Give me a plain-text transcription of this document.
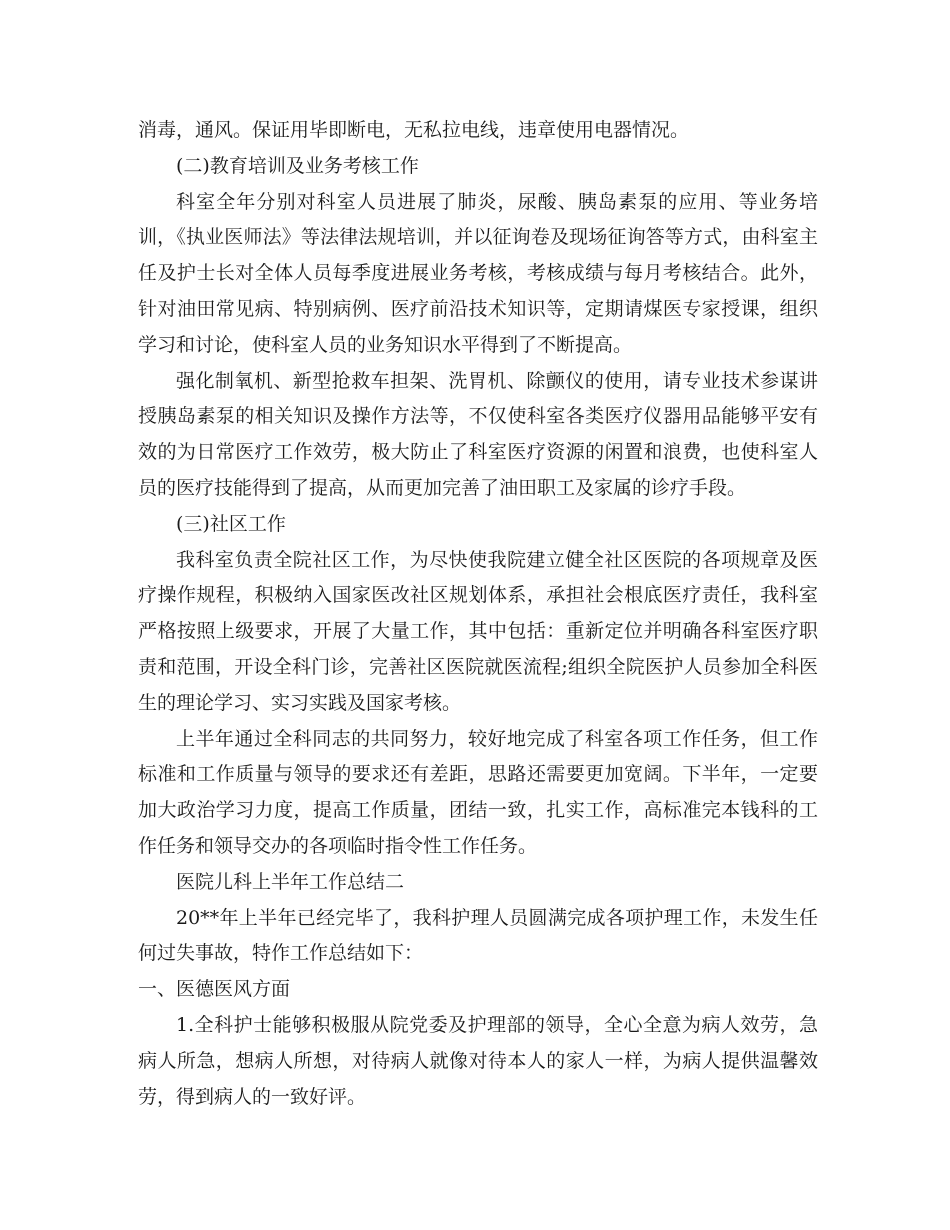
消毒，通风。保证用毕即断电，无私拉电线，违章使用电器情况。

(二)教育培训及业务考核工作

科室全年分别对科室人员进展了肺炎，尿酸、胰岛素泵的应用、等业务培训，《执业医师法》等法律法规培训，并以征询卷及现场征询答等方式，由科室主任及护士长对全体人员每季度进展业务考核，考核成绩与每月考核结合。此外，针对油田常见病、特别病例、医疗前沿技术知识等，定期请煤医专家授课，组织学习和讨论，使科室人员的业务知识水平得到了不断提高。

强化制氧机、新型抢救车担架、洗胃机、除颤仪的使用，请专业技术参谋讲授胰岛素泵的相关知识及操作方法等，不仅使科室各类医疗仪器用品能够平安有效的为日常医疗工作效劳，极大防止了科室医疗资源的闲置和浪费，也使科室人员的医疗技能得到了提高，从而更加完善了油田职工及家属的诊疗手段。

(三)社区工作

我科室负责全院社区工作，为尽快使我院建立健全社区医院的各项规章及医疗操作规程，积极纳入国家医改社区规划体系，承担社会根底医疗责任，我科室严格按照上级要求，开展了大量工作，其中包括：重新定位并明确各科室医疗职责和范围，开设全科门诊，完善社区医院就医流程;组织全院医护人员参加全科医生的理论学习、实习实践及国家考核。

上半年通过全科同志的共同努力，较好地完成了科室各项工作任务，但工作标准和工作质量与领导的要求还有差距，思路还需要更加宽阔。下半年，一定要加大政治学习力度，提高工作质量，团结一致，扎实工作，高标准完本钱科的工作任务和领导交办的各项临时指令性工作任务。

医院儿科上半年工作总结二

20**年上半年已经完毕了，我科护理人员圆满完成各项护理工作，未发生任何过失事故，特作工作总结如下：

一、医德医风方面

1.全科护士能够积极服从院党委及护理部的领导，全心全意为病人效劳，急病人所急，想病人所想，对待病人就像对待本人的家人一样，为病人提供温馨效劳，得到病人的一致好评。
